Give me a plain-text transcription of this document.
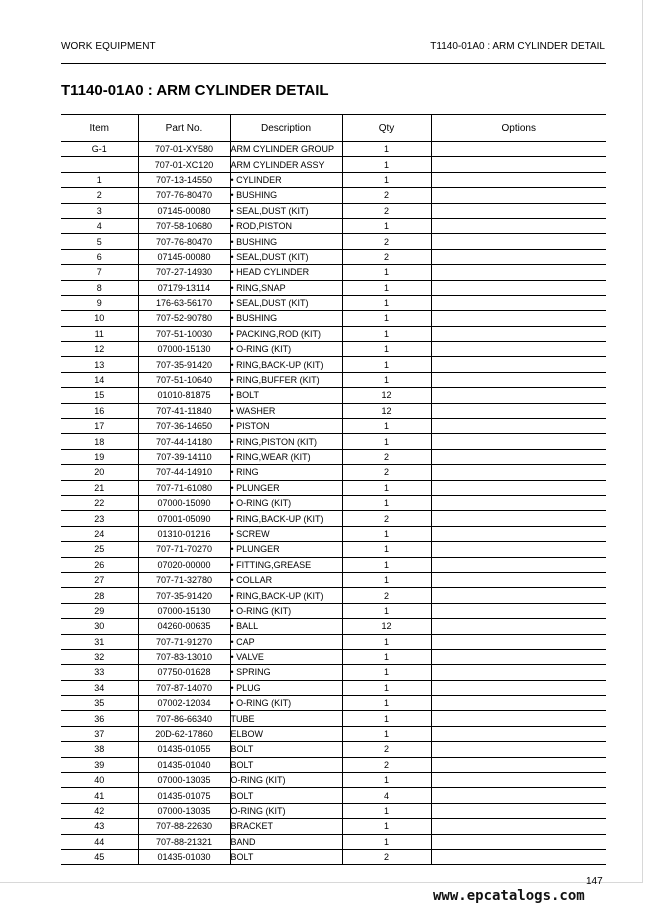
WORK EQUIPMENT	T1140-01A0 : ARM CYLINDER DETAIL
T1140-01A0 : ARM CYLINDER DETAIL
Item	Part No.	Description	Qty	Options
G-1	707-01-XY580	ARM CYLINDER GROUP	1	
	707-01-XC120	ARM CYLINDER ASSY	1	
1	707-13-14550	• CYLINDER	1	
2	707-76-80470	• BUSHING	2	
3	07145-00080	• SEAL,DUST (KIT)	2	
4	707-58-10680	• ROD,PISTON	1	
5	707-76-80470	• BUSHING	2	
6	07145-00080	• SEAL,DUST (KIT)	2	
7	707-27-14930	• HEAD CYLINDER	1	
8	07179-13114	• RING,SNAP	1	
9	176-63-56170	• SEAL,DUST (KIT)	1	
10	707-52-90780	• BUSHING	1	
11	707-51-10030	• PACKING,ROD (KIT)	1	
12	07000-15130	• O-RING (KIT)	1	
13	707-35-91420	• RING,BACK-UP (KIT)	1	
14	707-51-10640	• RING,BUFFER (KIT)	1	
15	01010-81875	• BOLT	12	
16	707-41-11840	• WASHER	12	
17	707-36-14650	• PISTON	1	
18	707-44-14180	• RING,PISTON (KIT)	1	
19	707-39-14110	• RING,WEAR (KIT)	2	
20	707-44-14910	• RING	2	
21	707-71-61080	• PLUNGER	1	
22	07000-15090	• O-RING (KIT)	1	
23	07001-05090	• RING,BACK-UP (KIT)	2	
24	01310-01216	• SCREW	1	
25	707-71-70270	• PLUNGER	1	
26	07020-00000	• FITTING,GREASE	1	
27	707-71-32780	• COLLAR	1	
28	707-35-91420	• RING,BACK-UP (KIT)	2	
29	07000-15130	• O-RING (KIT)	1	
30	04260-00635	• BALL	12	
31	707-71-91270	• CAP	1	
32	707-83-13010	• VALVE	1	
33	07750-01628	• SPRING	1	
34	707-87-14070	• PLUG	1	
35	07002-12034	• O-RING (KIT)	1	
36	707-86-66340	TUBE	1	
37	20D-62-17860	ELBOW	1	
38	01435-01055	BOLT	2	
39	01435-01040	BOLT	2	
40	07000-13035	O-RING (KIT)	1	
41	01435-01075	BOLT	4	
42	07000-13035	O-RING (KIT)	1	
43	707-88-22630	BRACKET	1	
44	707-88-21321	BAND	1	
45	01435-01030	BOLT	2	
147
www.epcatalogs.com
